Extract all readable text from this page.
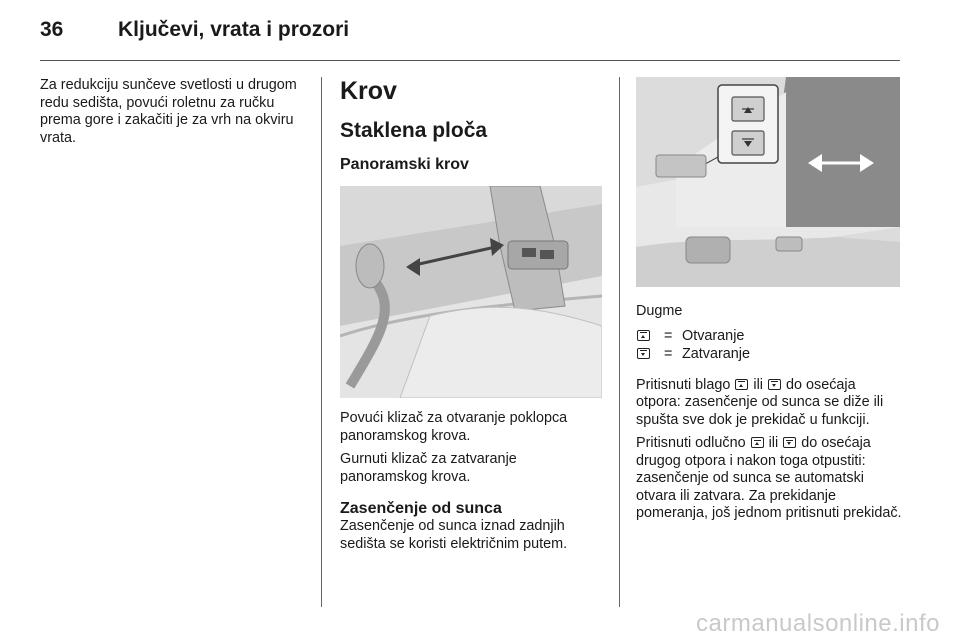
36	Ključevi, vrata i prozori

Za redukciju sunčeve svetlosti u drugom redu sedišta, povući roletnu za ručku prema gore i zakačiti je za vrh na okviru vrata.

Krov
Staklena ploča
Panoramski krov

Povući klizač za otvaranje poklopca panoramskog krova.

Gurnuti klizač za zatvaranje panoramskog krova.

Zasenčenje od sunca

Zasenčenje od sunca iznad zadnjih sedišta se koristi električnim putem.

Dugme

= Otvaranje
= Zatvaranje

Pritisnuti blago ili do osećaja otpora: zasenčenje od sunca se diže ili spušta sve dok je prekidač u funkciji.

Pritisnuti odlučno ili do osećaja drugog otpora i nakon toga otpustiti: zasenčenje od sunca se automatski otvara ili zatvara. Za prekidanje pomeranja, još jednom pritisnuti prekidač.

carmanualsonline.info
